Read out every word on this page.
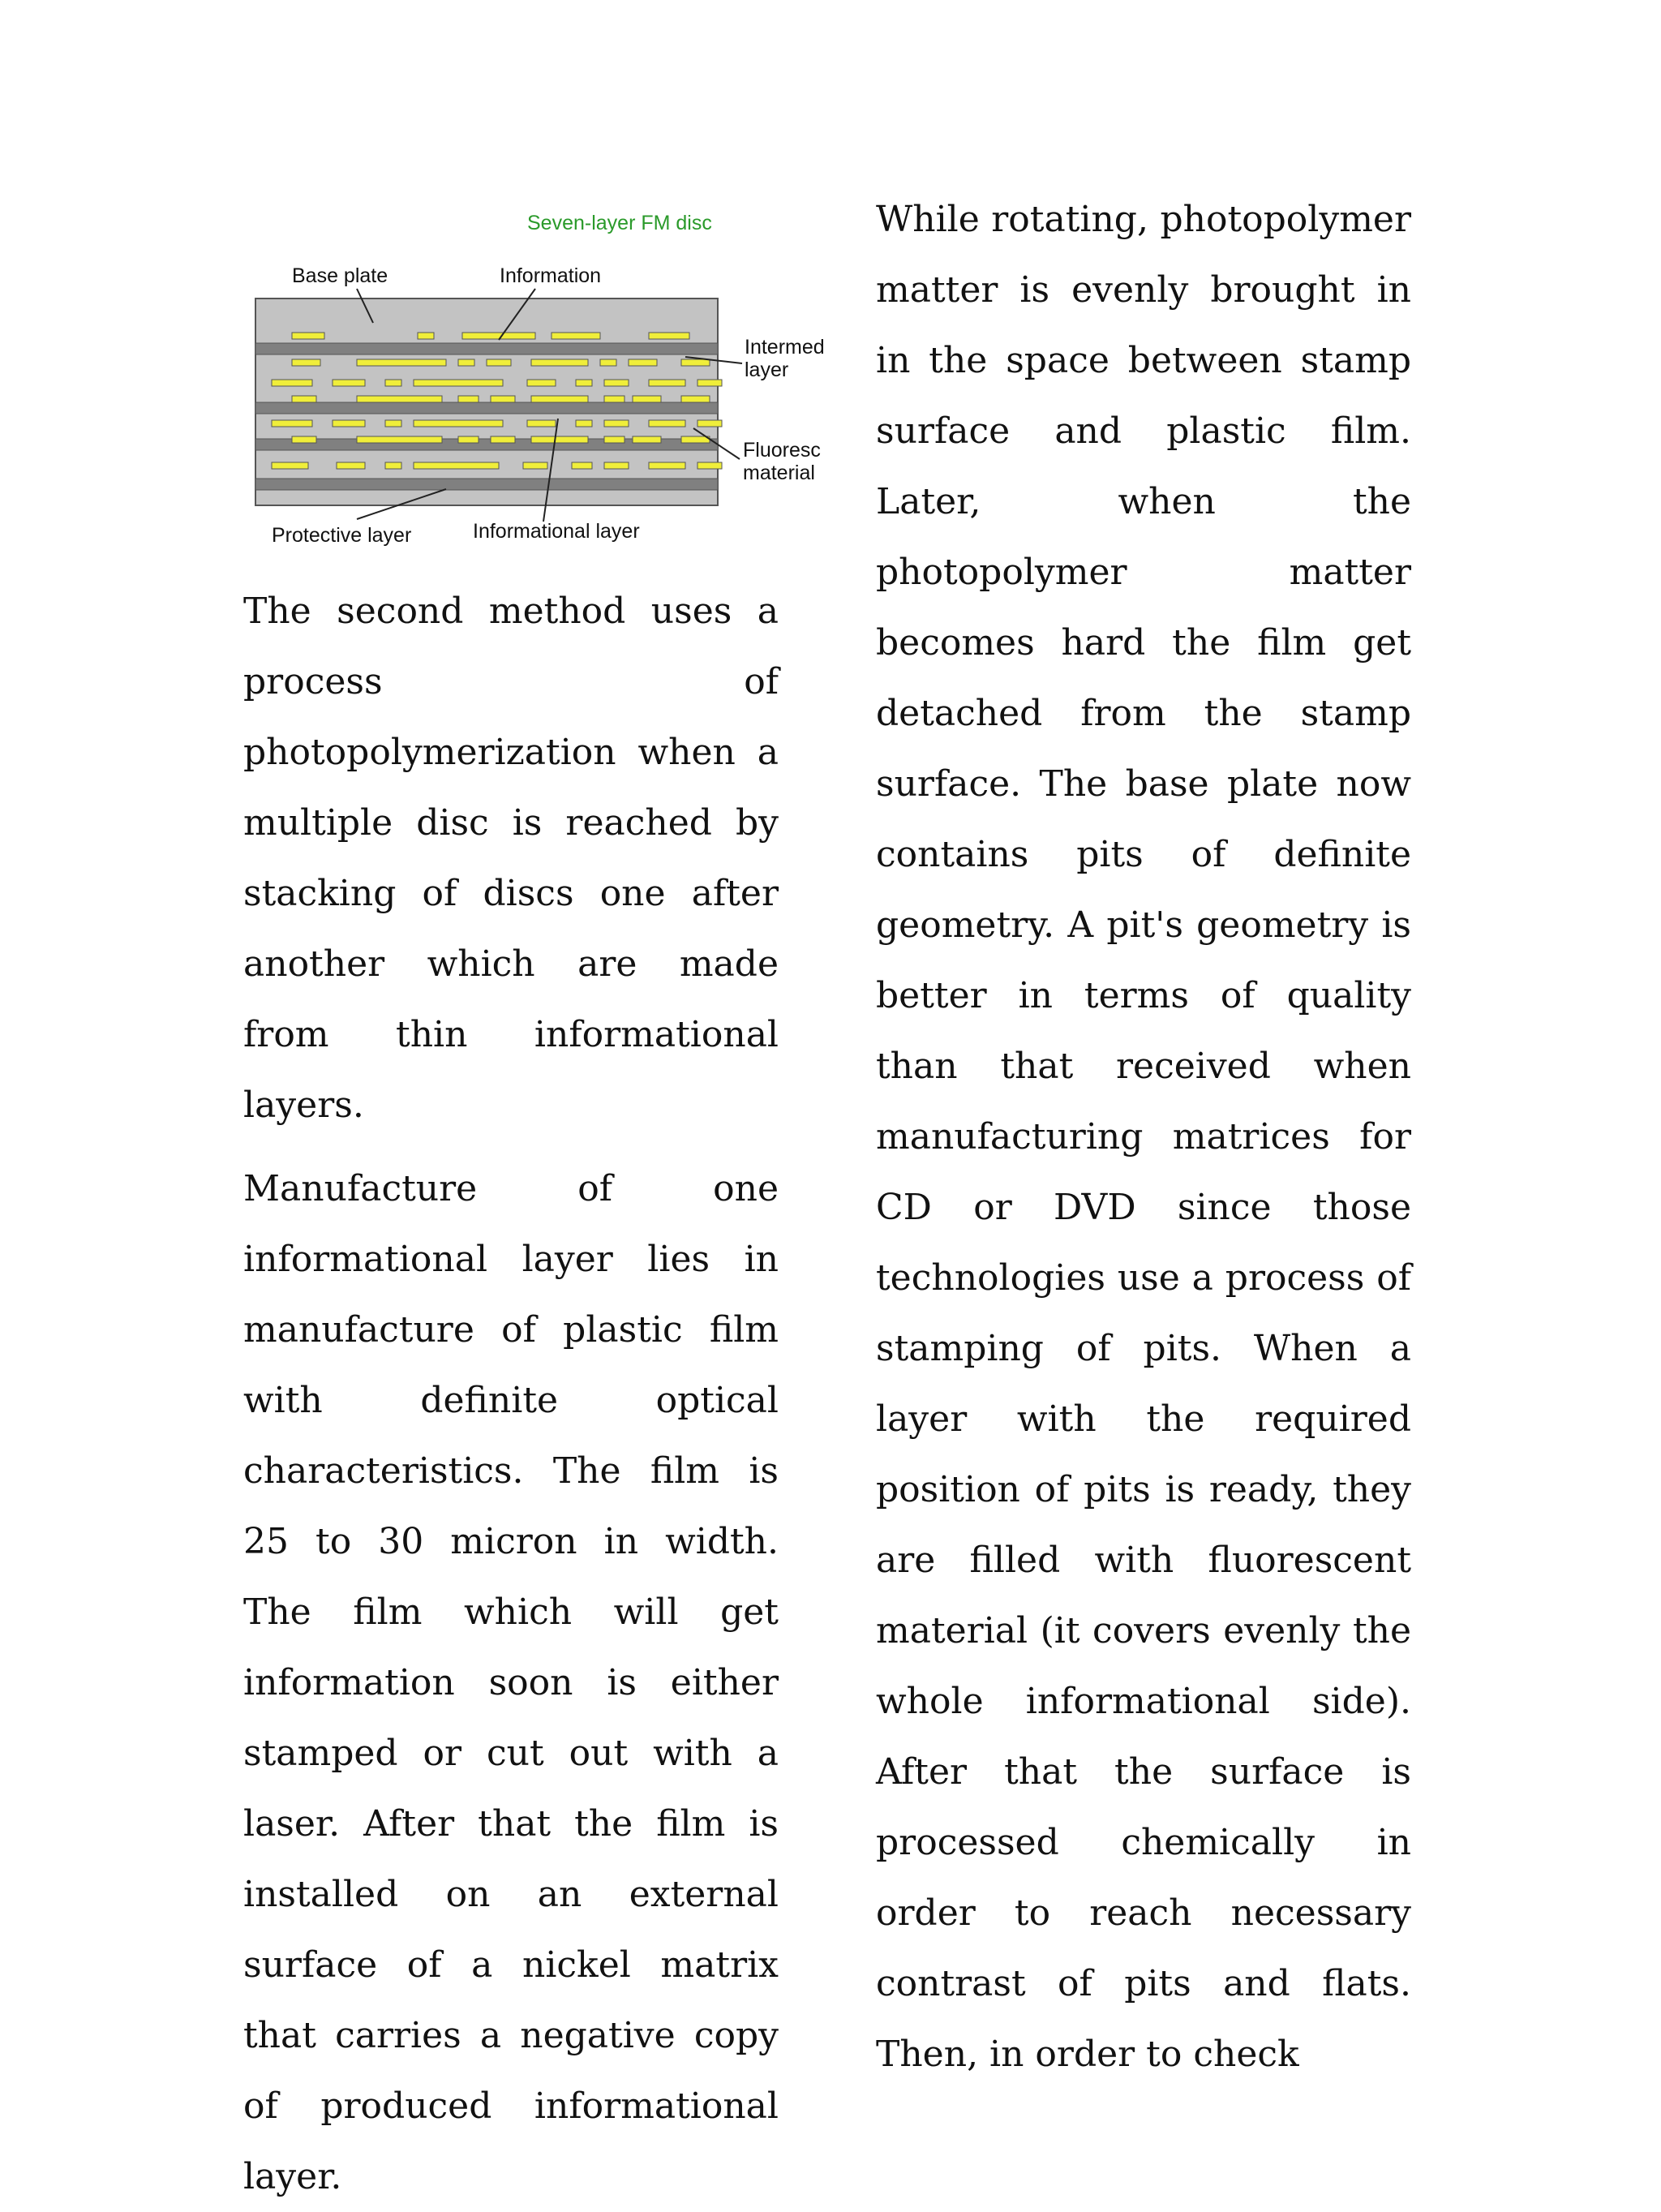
Seven-layer FM disc
Base plate	Information
Intermed
layer
Fluoresc
material
Protective layer	Informational layer

The second method uses a process of photopolymerization when a multiple disc is reached by stacking of discs one after another which are made from thin informational layers.

Manufacture of one informational layer lies in manufacture of plastic film with definite optical characteristics. The film is 25 to 30 micron in width. The film which will get information soon is either stamped or cut out with a laser. After that the film is installed on an external surface of a nickel matrix that carries a negative copy of produced informational layer.

While rotating, photopolymer matter is evenly brought in in the space between stamp surface and plastic film. Later, when the photopolymer matter becomes hard the film get detached from the stamp surface. The base plate now contains pits of definite geometry. A pit's geometry is better in terms of quality than that received when manufacturing matrices for CD or DVD since those technologies use a process of stamping of pits. When a layer with the required position of pits is ready, they are filled with fluorescent material (it covers evenly the whole informational side). After that the surface is processed chemically in order to reach necessary contrast of pits and flats. Then, in order to check
